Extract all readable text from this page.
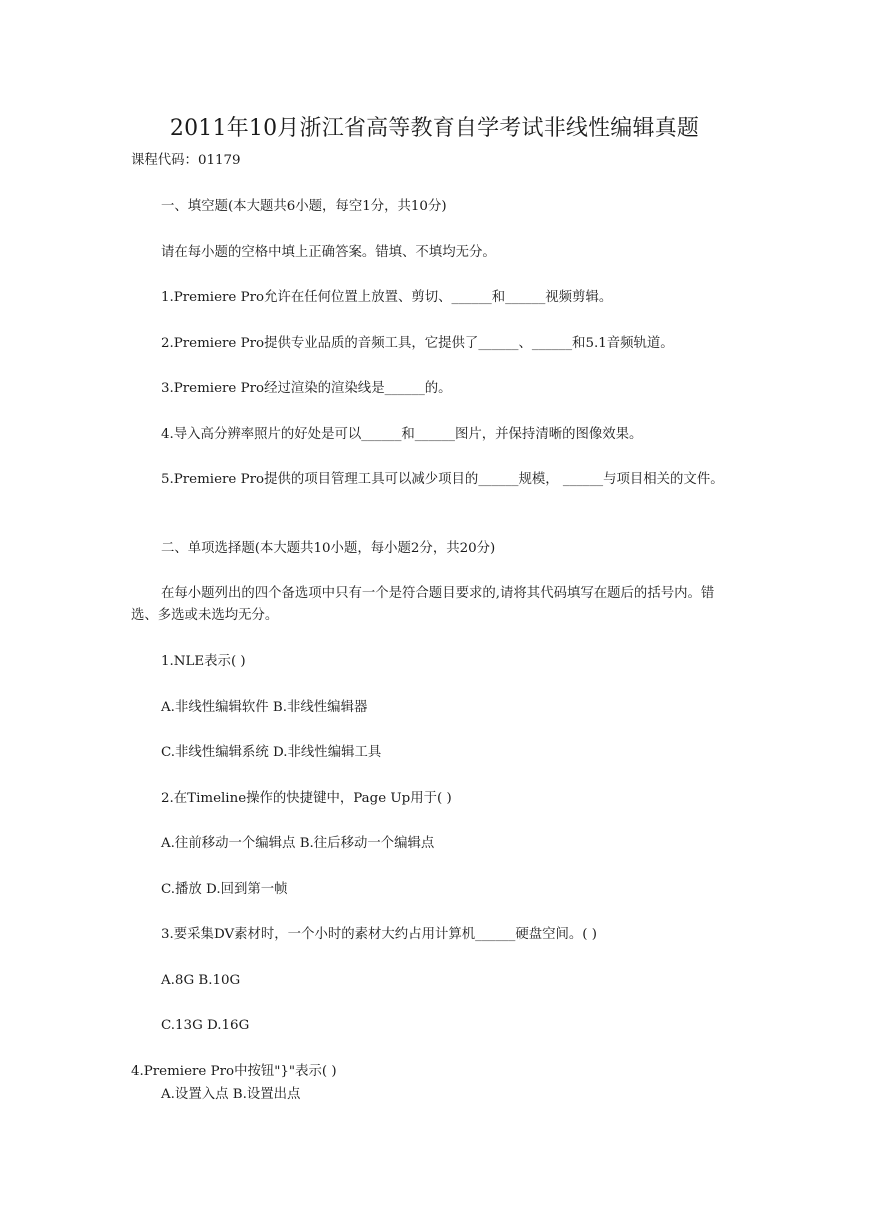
2011年10月浙江省高等教育自学考试非线性编辑真题
课程代码：01179
一、填空题(本大题共6小题，每空1分，共10分)
请在每小题的空格中填上正确答案。错填、不填均无分。
1.Premiere Pro允许在任何位置上放置、剪切、______和______视频剪辑。
2.Premiere Pro提供专业品质的音频工具，它提供了______、______和5.1音频轨道。
3.Premiere Pro经过渲染的渲染线是______的。
4.导入高分辨率照片的好处是可以______和______图片，并保持清晰的图像效果。
5.Premiere Pro提供的项目管理工具可以减少项目的______规模， ______与项目相关的文件。
二、单项选择题(本大题共10小题，每小题2分，共20分)
在每小题列出的四个备选项中只有一个是符合题目要求的,请将其代码填写在题后的括号内。错选、多选或未选均无分。
1.NLE表示( )
A.非线性编辑软件 B.非线性编辑器
C.非线性编辑系统 D.非线性编辑工具
2.在Timeline操作的快捷键中，Page Up用于( )
A.往前移动一个编辑点 B.往后移动一个编辑点
C.播放 D.回到第一帧
3.要采集DV素材时，一个小时的素材大约占用计算机______硬盘空间。( )
A.8G B.10G
C.13G D.16G
4.Premiere Pro中按钮"}"表示( )
A.设置入点 B.设置出点
